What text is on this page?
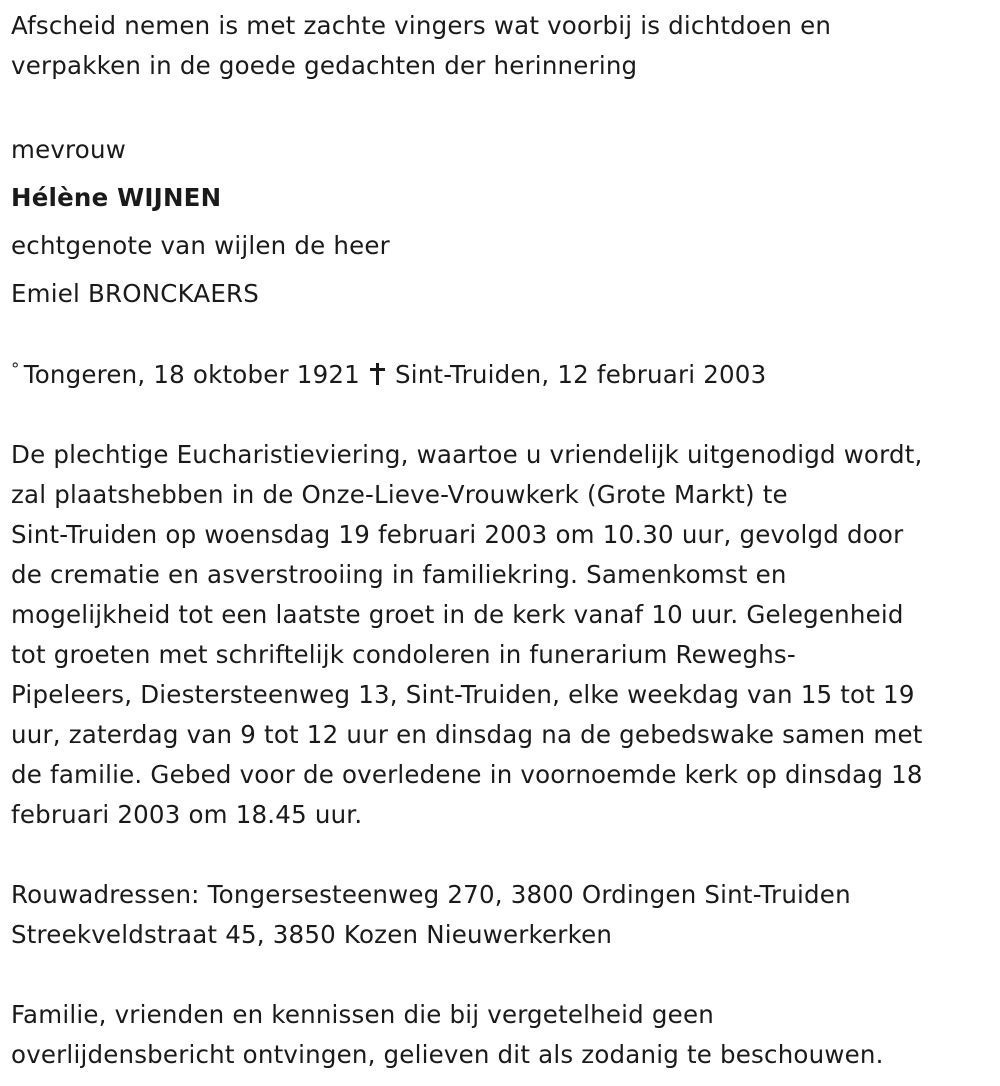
Afscheid nemen is met zachte vingers wat voorbij is dichtdoen en
verpakken in de goede gedachten der herinnering
mevrouw
Hélène WIJNEN
echtgenote van wijlen de heer
Emiel BRONCKAERS
° Tongeren, 18 oktober 1921 Sint-Truiden, 12 februari 2003
De plechtige Eucharistieviering, waartoe u vriendelijk uitgenodigd wordt,
zal plaatshebben in de Onze-Lieve-Vrouwkerk (Grote Markt) te
Sint-Truiden op woensdag 19 februari 2003 om 10.30 uur, gevolgd door
de crematie en asverstrooiing in familiekring. Samenkomst en
mogelijkheid tot een laatste groet in de kerk vanaf 10 uur. Gelegenheid
tot groeten met schriftelijk condoleren in funerarium Reweghs-
Pipeleers, Diestersteenweg 13, Sint-Truiden, elke weekdag van 15 tot 19
uur, zaterdag van 9 tot 12 uur en dinsdag na de gebedswake samen met
de familie. Gebed voor de overledene in voornoemde kerk op dinsdag 18
februari 2003 om 18.45 uur.
Rouwadressen: Tongersesteenweg 270, 3800 Ordingen Sint-Truiden
Streekveldstraat 45, 3850 Kozen Nieuwerkerken
Familie, vrienden en kennissen die bij vergetelheid geen
overlijdensbericht ontvingen, gelieven dit als zodanig te beschouwen.
